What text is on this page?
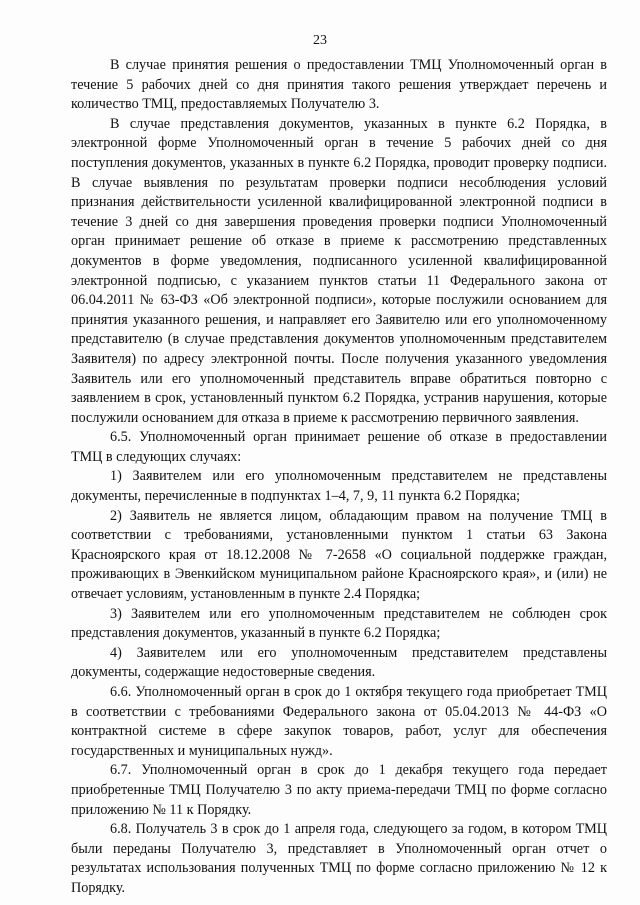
23

В случае принятия решения о предоставлении ТМЦ Уполномоченный орган в течение 5 рабочих дней со дня принятия такого решения утверждает перечень и количество ТМЦ, предоставляемых Получателю 3.

В случае представления документов, указанных в пункте 6.2 Порядка, в электронной форме Уполномоченный орган в течение 5 рабочих дней со дня поступления документов, указанных в пункте 6.2 Порядка, проводит проверку подписи. В случае выявления по результатам проверки подписи несоблюдения условий признания действительности усиленной квалифицированной электронной подписи в течение 3 дней со дня завершения проведения проверки подписи Уполномоченный орган принимает решение об отказе в приеме к рассмотрению представленных документов в форме уведомления, подписанного усиленной квалифицированной электронной подписью, с указанием пунктов статьи 11 Федерального закона от 06.04.2011 № 63-ФЗ «Об электронной подписи», которые послужили основанием для принятия указанного решения, и направляет его Заявителю или его уполномоченному представителю (в случае представления документов уполномоченным представителем Заявителя) по адресу электронной почты. После получения указанного уведомления Заявитель или его уполномоченный представитель вправе обратиться повторно с заявлением в срок, установленный пунктом 6.2 Порядка, устранив нарушения, которые послужили основанием для отказа в приеме к рассмотрению первичного заявления.

6.5. Уполномоченный орган принимает решение об отказе в предоставлении ТМЦ в следующих случаях:

1) Заявителем или его уполномоченным представителем не представлены документы, перечисленные в подпунктах 1–4, 7, 9, 11 пункта 6.2 Порядка;

2) Заявитель не является лицом, обладающим правом на получение ТМЦ в соответствии с требованиями, установленными пунктом 1 статьи 63 Закона Красноярского края от 18.12.2008 № 7-2658 «О социальной поддержке граждан, проживающих в Эвенкийском муниципальном районе Красноярского края», и (или) не отвечает условиям, установленным в пункте 2.4 Порядка;

3) Заявителем или его уполномоченным представителем не соблюден срок представления документов, указанный в пункте 6.2 Порядка;

4) Заявителем или его уполномоченным представителем представлены документы, содержащие недостоверные сведения.

6.6. Уполномоченный орган в срок до 1 октября текущего года приобретает ТМЦ в соответствии с требованиями Федерального закона от 05.04.2013 № 44-ФЗ «О контрактной системе в сфере закупок товаров, работ, услуг для обеспечения государственных и муниципальных нужд».

6.7. Уполномоченный орган в срок до 1 декабря текущего года передает приобретенные ТМЦ Получателю 3 по акту приема-передачи ТМЦ по форме согласно приложению № 11 к Порядку.

6.8. Получатель 3 в срок до 1 апреля года, следующего за годом, в котором ТМЦ были переданы Получателю 3, представляет в Уполномоченный орган отчет о результатах использования полученных ТМЦ по форме согласно приложению № 12 к Порядку.
